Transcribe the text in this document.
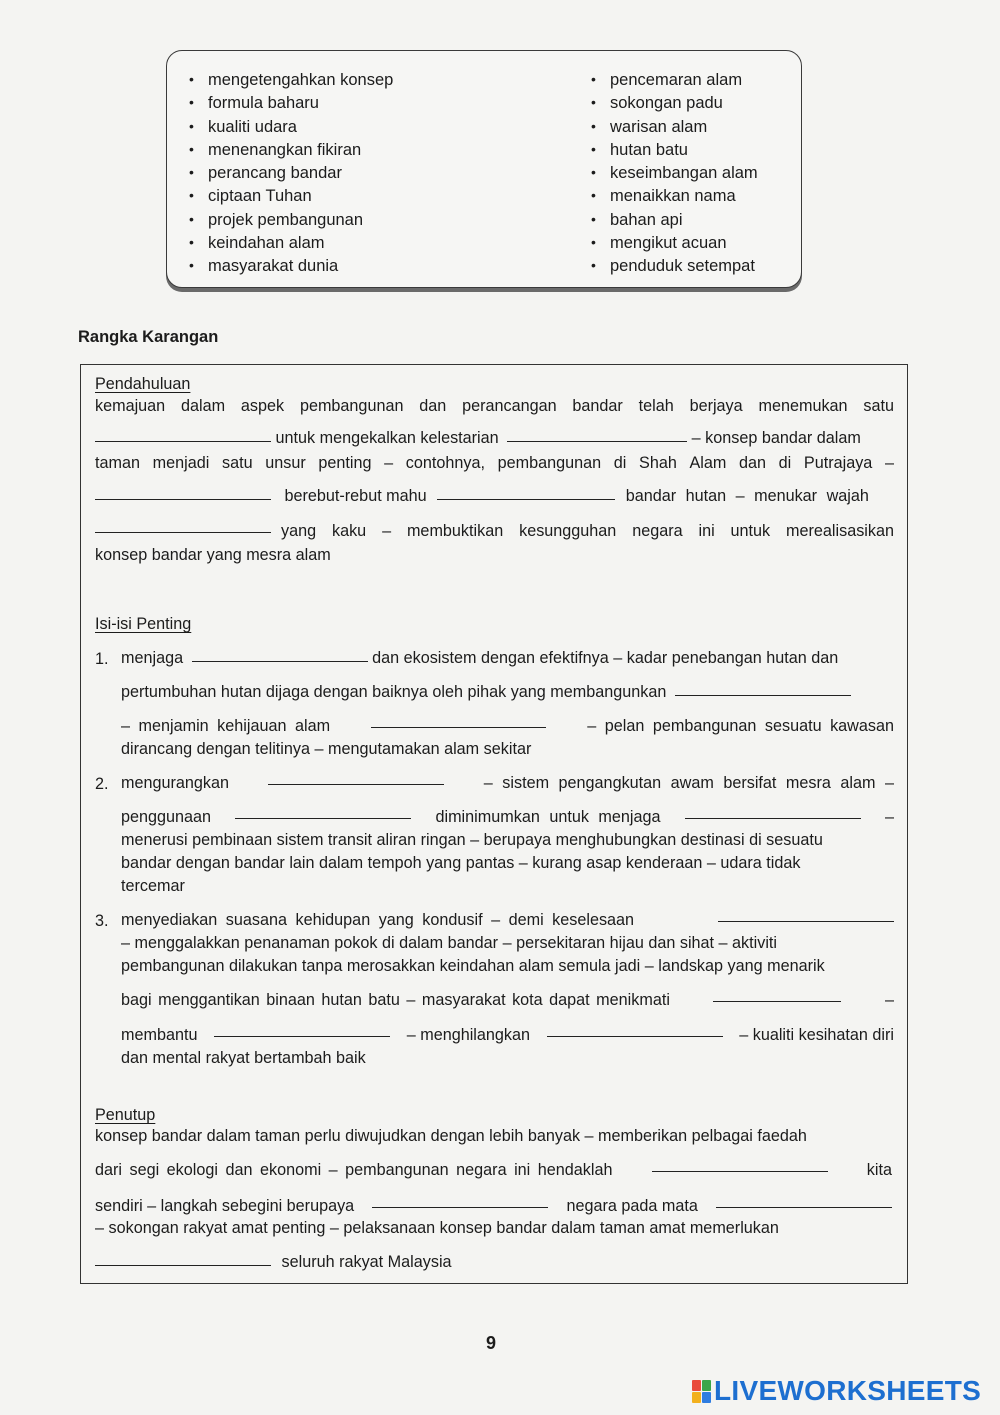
• mengetengahkan konsep
• formula baharu
• kualiti udara
• menenangkan fikiran
• perancang bandar
• ciptaan Tuhan
• projek pembangunan
• keindahan alam
• masyarakat dunia
• pencemaran alam
• sokongan padu
• warisan alam
• hutan batu
• keseimbangan alam
• menaikkan nama
• bahan api
• mengikut acuan
• penduduk setempat
Rangka Karangan
Pendahuluan
kemajuan dalam aspek pembangunan dan perancangan bandar telah berjaya menemukan satu
untuk mengekalkan kelestarian	– konsep bandar dalam
taman menjadi satu unsur penting – contohnya, pembangunan di Shah Alam dan di Putrajaya –
berebut-rebut mahu	bandar hutan – menukar wajah
yang kaku – membuktikan kesungguhan negara ini untuk merealisasikan
konsep bandar yang mesra alam
Isi-isi Penting
1. menjaga	dan ekosistem dengan efektifnya – kadar penebangan hutan dan
pertumbuhan hutan dijaga dengan baiknya oleh pihak yang membangunkan
– menjamin kehijauan alam	– pelan pembangunan sesuatu kawasan
dirancang dengan telitinya – mengutamakan alam sekitar
2. mengurangkan	– sistem pengangkutan awam bersifat mesra alam –
penggunaan	diminimumkan untuk menjaga	–
menerusi pembinaan sistem transit aliran ringan – berupaya menghubungkan destinasi di sesuatu
bandar dengan bandar lain dalam tempoh yang pantas – kurang asap kenderaan – udara tidak
tercemar
3. menyediakan suasana kehidupan yang kondusif – demi keselesaan
– menggalakkan penanaman pokok di dalam bandar – persekitaran hijau dan sihat – aktiviti
pembangunan dilakukan tanpa merosakkan keindahan alam semula jadi – landskap yang menarik
bagi menggantikan binaan hutan batu – masyarakat kota dapat menikmati	–
membantu	– menghilangkan	– kualiti kesihatan diri
dan mental rakyat bertambah baik
Penutup
konsep bandar dalam taman perlu diwujudkan dengan lebih banyak – memberikan pelbagai faedah
dari segi ekologi dan ekonomi – pembangunan negara ini hendaklah	kita
sendiri – langkah sebegini berupaya	negara pada mata
– sokongan rakyat amat penting – pelaksanaan konsep bandar dalam taman amat memerlukan
seluruh rakyat Malaysia
9
LIVEWORKSHEETS
